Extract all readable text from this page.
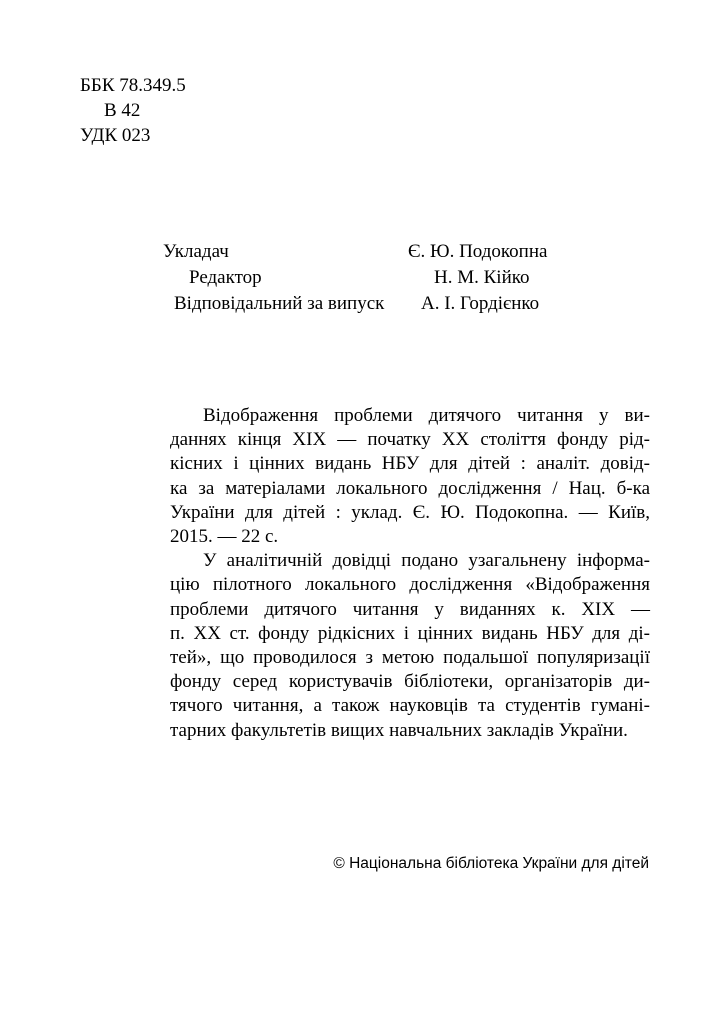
ББК 78.349.5
В 42
УДК 023
Укладач	Є. Ю. Подокопна
Редактор	Н. М. Кійко
Відповідальний за випуск А. І. Гордієнко
Відображення проблеми дитячого читання у ви-
даннях кінця XIX — початку XX століття фонду рід-
кісних і цінних видань НБУ для дітей : аналіт. довід-
ка за матеріалами локального дослідження / Нац. б-ка
України для дітей : уклад. Є. Ю. Подокопна. — Київ,
2015. — 22 с.
У аналітичній довідці подано узагальнену інформа-
цію пілотного локального дослідження «Відображення
проблеми дитячого читання у виданнях к. XIX —
п. XX ст. фонду рідкісних і цінних видань НБУ для ді-
тей», що проводилося з метою подальшої популяризації
фонду серед користувачів бібліотеки, організаторів ди-
тячого читання, а також науковців та студентів гумані-
тарних факультетів вищих навчальних закладів України.
© Національна бібліотека України для дітей
